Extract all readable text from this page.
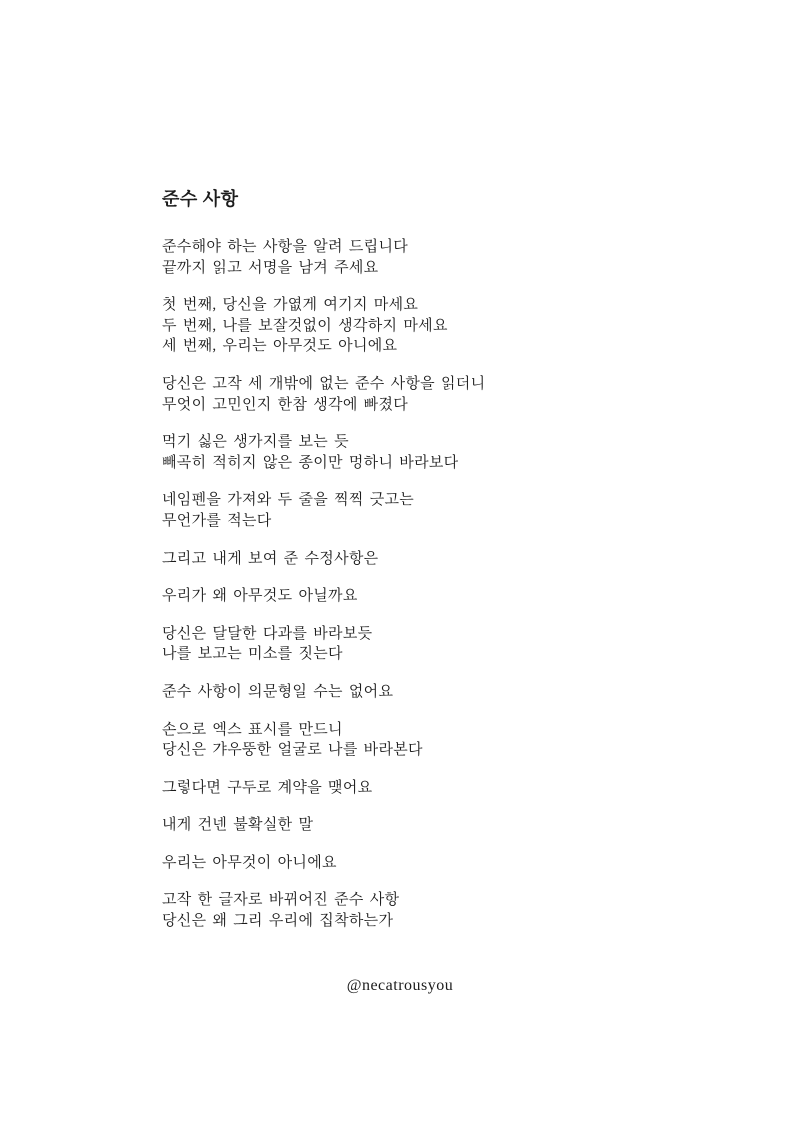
준수 사항

준수해야 하는 사항을 알려 드립니다
끝까지 읽고 서명을 남겨 주세요

첫 번째, 당신을 가엾게 여기지 마세요
두 번째, 나를 보잘것없이 생각하지 마세요
세 번째, 우리는 아무것도 아니에요

당신은 고작 세 개밖에 없는 준수 사항을 읽더니
무엇이 고민인지 한참 생각에 빠졌다

먹기 싫은 생가지를 보는 듯
빼곡히 적히지 않은 종이만 멍하니 바라보다

네임펜을 가져와 두 줄을 찍찍 긋고는
무언가를 적는다

그리고 내게 보여 준 수정사항은

우리가 왜 아무것도 아닐까요

당신은 달달한 다과를 바라보듯
나를 보고는 미소를 짓는다

준수 사항이 의문형일 수는 없어요

손으로 엑스 표시를 만드니
당신은 갸우뚱한 얼굴로 나를 바라본다

그렇다면 구두로 계약을 맺어요

내게 건넨 불확실한 말

우리는 아무것이 아니에요

고작 한 글자로 바뀌어진 준수 사항
당신은 왜 그리 우리에 집착하는가

@necatrousyou
